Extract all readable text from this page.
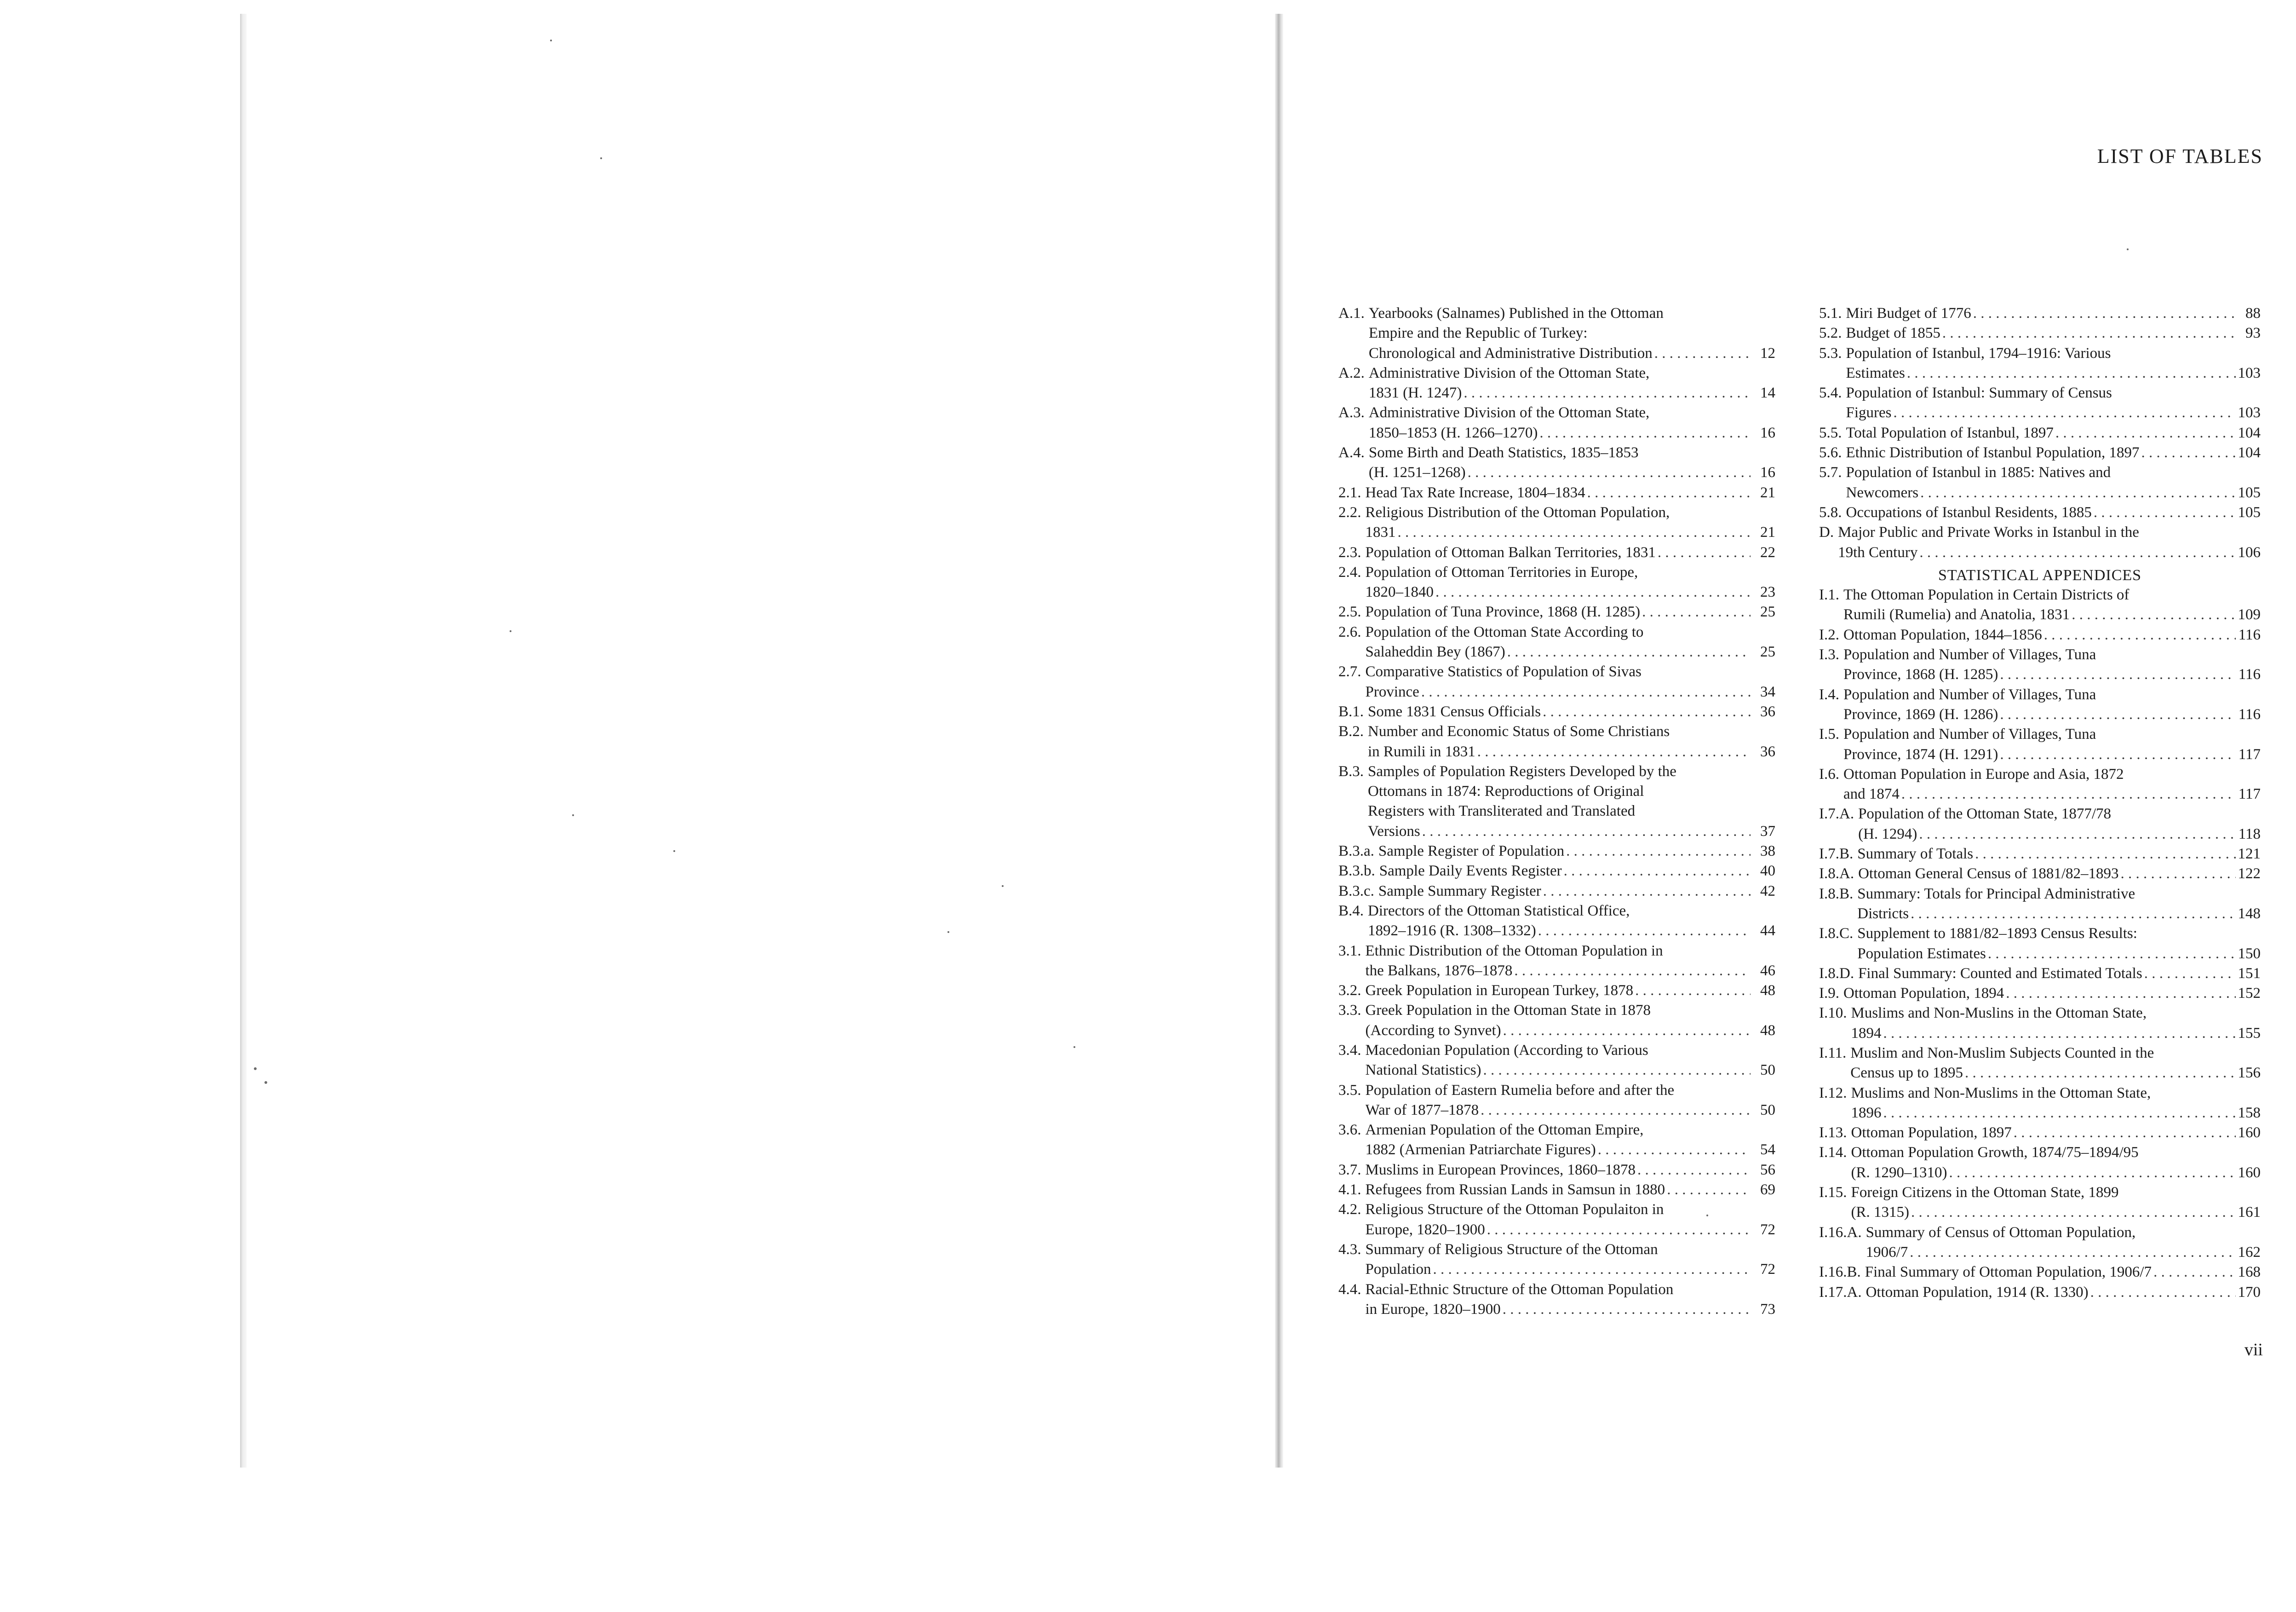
LIST OF TABLES
A.1. Yearbooks (Salnames) Published in the Ottoman
Empire and the Republic of Turkey:
Chronological and Administrative Distribution . . .	12
A.2. Administrative Division of the Ottoman State,
1831 (H. 1247) . . .	14
A.3. Administrative Division of the Ottoman State,
1850–1853 (H. 1266–1270) . . .	16
A.4. Some Birth and Death Statistics, 1835–1853
(H. 1251–1268) . . .	16
2.1. Head Tax Rate Increase, 1804–1834 . . .	21
2.2. Religious Distribution of the Ottoman Population,
1831 . . .	21
2.3. Population of Ottoman Balkan Territories, 1831 . . .	22
2.4. Population of Ottoman Territories in Europe,
1820–1840 . . .	23
2.5. Population of Tuna Province, 1868 (H. 1285) . . .	25
2.6. Population of the Ottoman State According to
Salaheddin Bey (1867) . . .	25
2.7. Comparative Statistics of Population of Sivas
Province . . .	34
B.1. Some 1831 Census Officials . . .	36
B.2. Number and Economic Status of Some Christians
in Rumili in 1831 . . .	36
B.3. Samples of Population Registers Developed by the
Ottomans in 1874: Reproductions of Original
Registers with Transliterated and Translated
Versions . . .	37
B.3.a. Sample Register of Population . . .	38
B.3.b. Sample Daily Events Register . . .	40
B.3.c. Sample Summary Register . . .	42
B.4. Directors of the Ottoman Statistical Office,
1892–1916 (R. 1308–1332) . . .	44
3.1. Ethnic Distribution of the Ottoman Population in
the Balkans, 1876–1878 . . .	46
3.2. Greek Population in European Turkey, 1878 . . .	48
3.3. Greek Population in the Ottoman State in 1878
(According to Synvet) . . .	48
3.4. Macedonian Population (According to Various
National Statistics) . . .	50
3.5. Population of Eastern Rumelia before and after the
War of 1877–1878 . . .	50
3.6. Armenian Population of the Ottoman Empire,
1882 (Armenian Patriarchate Figures) . . .	54
3.7. Muslims in European Provinces, 1860–1878 . . .	56
4.1. Refugees from Russian Lands in Samsun in 1880 . . .	69
4.2. Religious Structure of the Ottoman Populaiton in
Europe, 1820–1900 . . .	72
4.3. Summary of Religious Structure of the Ottoman
Population . . .	72
4.4. Racial-Ethnic Structure of the Ottoman Population
in Europe, 1820–1900 . . .	73
5.1. Miri Budget of 1776 . . .	88
5.2. Budget of 1855 . . .	93
5.3. Population of Istanbul, 1794–1916: Various
Estimates . . .	103
5.4. Population of Istanbul: Summary of Census
Figures . . .	103
5.5. Total Population of Istanbul, 1897 . . .	104
5.6. Ethnic Distribution of Istanbul Population, 1897 . . .	104
5.7. Population of Istanbul in 1885: Natives and
Newcomers . . .	105
5.8. Occupations of Istanbul Residents, 1885 . . .	105
D. Major Public and Private Works in Istanbul in the
19th Century . . .	106
STATISTICAL APPENDICES
I.1. The Ottoman Population in Certain Districts of
Rumili (Rumelia) and Anatolia, 1831 . . .	109
I.2. Ottoman Population, 1844–1856 . . .	116
I.3. Population and Number of Villages, Tuna
Province, 1868 (H. 1285) . . .	116
I.4. Population and Number of Villages, Tuna
Province, 1869 (H. 1286) . . .	116
I.5. Population and Number of Villages, Tuna
Province, 1874 (H. 1291) . . .	117
I.6. Ottoman Population in Europe and Asia, 1872
and 1874 . . .	117
I.7.A. Population of the Ottoman State, 1877/78
(H. 1294) . . .	118
I.7.B. Summary of Totals . . .	121
I.8.A. Ottoman General Census of 1881/82–1893 . . .	122
I.8.B. Summary: Totals for Principal Administrative
Districts . . .	148
I.8.C. Supplement to 1881/82–1893 Census Results:
Population Estimates . . .	150
I.8.D. Final Summary: Counted and Estimated Totals . . .	151
I.9. Ottoman Population, 1894 . . .	152
I.10. Muslims and Non-Muslins in the Ottoman State,
1894 . . .	155
I.11. Muslim and Non-Muslim Subjects Counted in the
Census up to 1895 . . .	156
I.12. Muslims and Non-Muslims in the Ottoman State,
1896 . . .	158
I.13. Ottoman Population, 1897 . . .	160
I.14. Ottoman Population Growth, 1874/75–1894/95
(R. 1290–1310) . . .	160
I.15. Foreign Citizens in the Ottoman State, 1899
(R. 1315) . . .	161
I.16.A. Summary of Census of Ottoman Population,
1906/7 . . .	162
I.16.B. Final Summary of Ottoman Population, 1906/7 . . .	168
I.17.A. Ottoman Population, 1914 (R. 1330) . . .	170
vii
